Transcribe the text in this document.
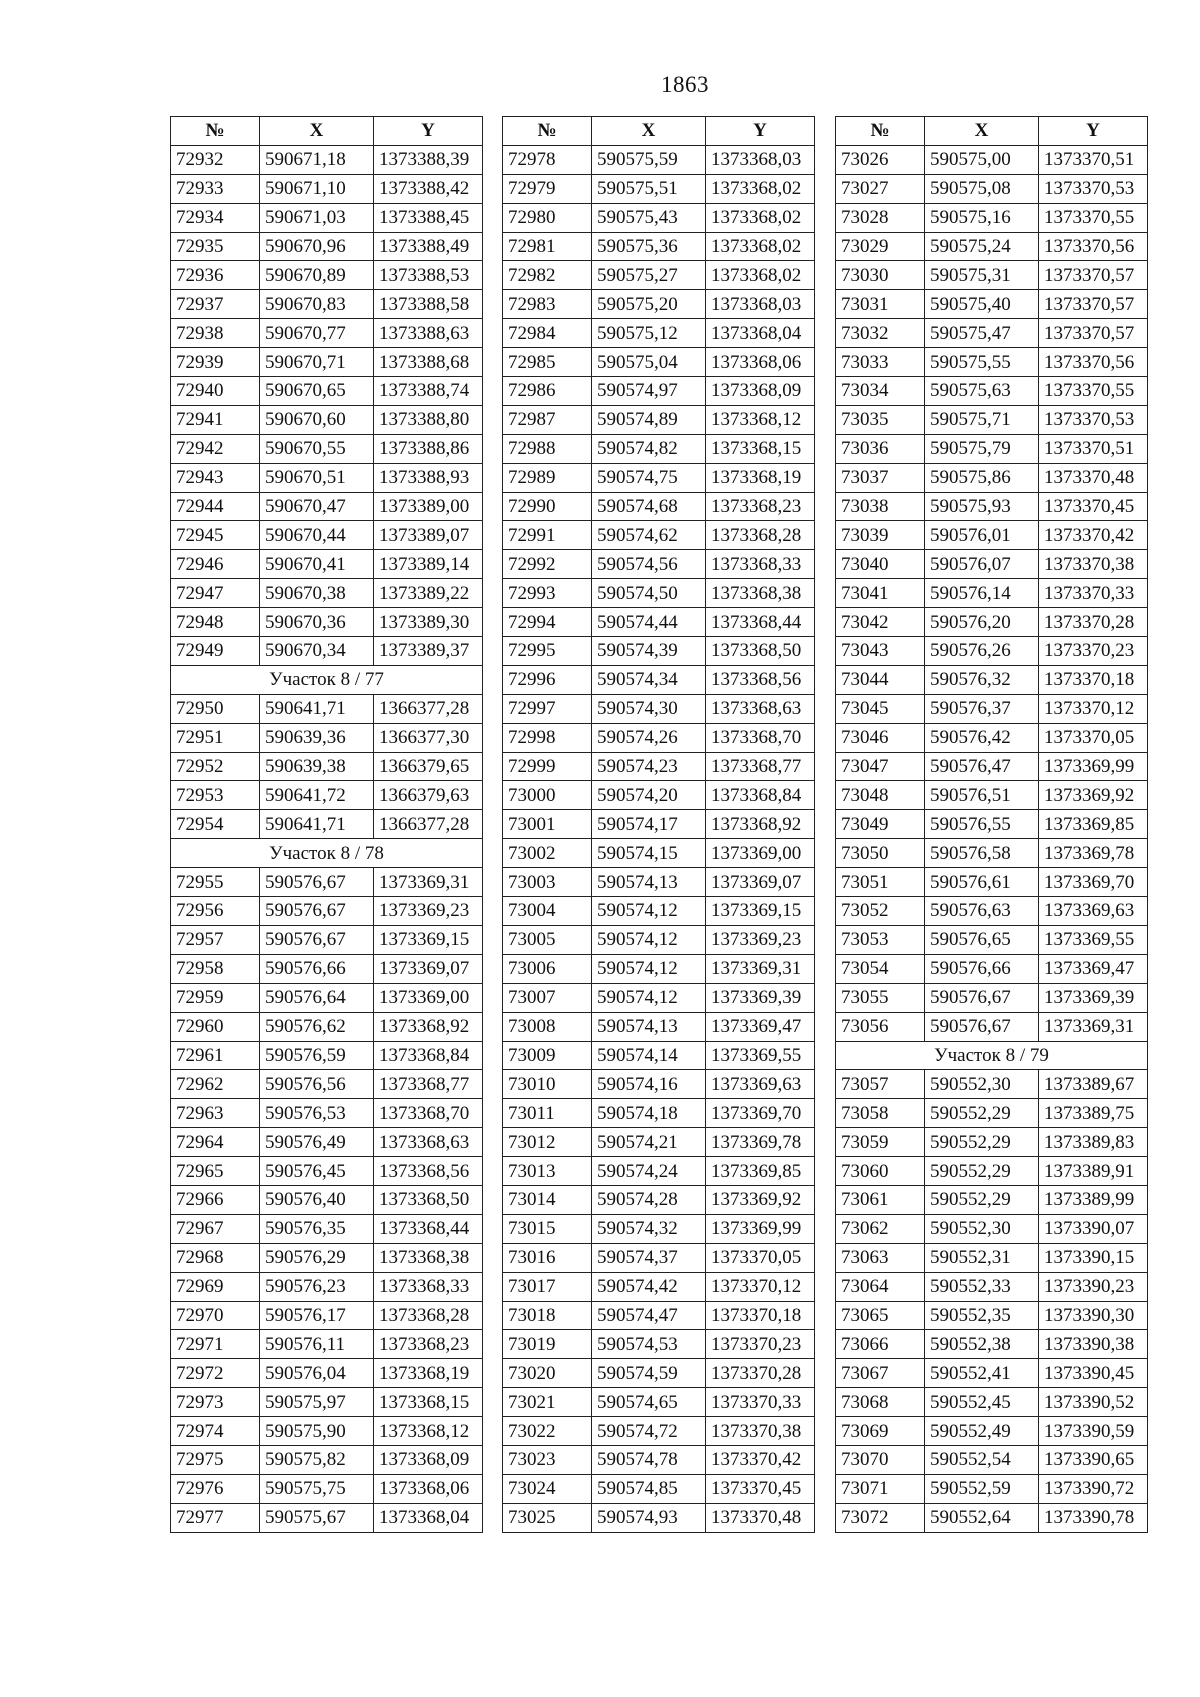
1863
№	X	Y
72932	590671,18	1373388,39
72933	590671,10	1373388,42
72934	590671,03	1373388,45
72935	590670,96	1373388,49
72936	590670,89	1373388,53
72937	590670,83	1373388,58
72938	590670,77	1373388,63
72939	590670,71	1373388,68
72940	590670,65	1373388,74
72941	590670,60	1373388,80
72942	590670,55	1373388,86
72943	590670,51	1373388,93
72944	590670,47	1373389,00
72945	590670,44	1373389,07
72946	590670,41	1373389,14
72947	590670,38	1373389,22
72948	590670,36	1373389,30
72949	590670,34	1373389,37
Участок 8 / 77		
72950	590641,71	1366377,28
72951	590639,36	1366377,30
72952	590639,38	1366379,65
72953	590641,72	1366379,63
72954	590641,71	1366377,28
Участок 8 / 78		
72955	590576,67	1373369,31
72956	590576,67	1373369,23
72957	590576,67	1373369,15
72958	590576,66	1373369,07
72959	590576,64	1373369,00
72960	590576,62	1373368,92
72961	590576,59	1373368,84
72962	590576,56	1373368,77
72963	590576,53	1373368,70
72964	590576,49	1373368,63
72965	590576,45	1373368,56
72966	590576,40	1373368,50
72967	590576,35	1373368,44
72968	590576,29	1373368,38
72969	590576,23	1373368,33
72970	590576,17	1373368,28
72971	590576,11	1373368,23
72972	590576,04	1373368,19
72973	590575,97	1373368,15
72974	590575,90	1373368,12
72975	590575,82	1373368,09
72976	590575,75	1373368,06
72977	590575,67	1373368,04
№	X	Y
72978	590575,59	1373368,03
72979	590575,51	1373368,02
72980	590575,43	1373368,02
72981	590575,36	1373368,02
72982	590575,27	1373368,02
72983	590575,20	1373368,03
72984	590575,12	1373368,04
72985	590575,04	1373368,06
72986	590574,97	1373368,09
72987	590574,89	1373368,12
72988	590574,82	1373368,15
72989	590574,75	1373368,19
72990	590574,68	1373368,23
72991	590574,62	1373368,28
72992	590574,56	1373368,33
72993	590574,50	1373368,38
72994	590574,44	1373368,44
72995	590574,39	1373368,50
72996	590574,34	1373368,56
72997	590574,30	1373368,63
72998	590574,26	1373368,70
72999	590574,23	1373368,77
73000	590574,20	1373368,84
73001	590574,17	1373368,92
73002	590574,15	1373369,00
73003	590574,13	1373369,07
73004	590574,12	1373369,15
73005	590574,12	1373369,23
73006	590574,12	1373369,31
73007	590574,12	1373369,39
73008	590574,13	1373369,47
73009	590574,14	1373369,55
73010	590574,16	1373369,63
73011	590574,18	1373369,70
73012	590574,21	1373369,78
73013	590574,24	1373369,85
73014	590574,28	1373369,92
73015	590574,32	1373369,99
73016	590574,37	1373370,05
73017	590574,42	1373370,12
73018	590574,47	1373370,18
73019	590574,53	1373370,23
73020	590574,59	1373370,28
73021	590574,65	1373370,33
73022	590574,72	1373370,38
73023	590574,78	1373370,42
73024	590574,85	1373370,45
73025	590574,93	1373370,48
№	X	Y
73026	590575,00	1373370,51
73027	590575,08	1373370,53
73028	590575,16	1373370,55
73029	590575,24	1373370,56
73030	590575,31	1373370,57
73031	590575,40	1373370,57
73032	590575,47	1373370,57
73033	590575,55	1373370,56
73034	590575,63	1373370,55
73035	590575,71	1373370,53
73036	590575,79	1373370,51
73037	590575,86	1373370,48
73038	590575,93	1373370,45
73039	590576,01	1373370,42
73040	590576,07	1373370,38
73041	590576,14	1373370,33
73042	590576,20	1373370,28
73043	590576,26	1373370,23
73044	590576,32	1373370,18
73045	590576,37	1373370,12
73046	590576,42	1373370,05
73047	590576,47	1373369,99
73048	590576,51	1373369,92
73049	590576,55	1373369,85
73050	590576,58	1373369,78
73051	590576,61	1373369,70
73052	590576,63	1373369,63
73053	590576,65	1373369,55
73054	590576,66	1373369,47
73055	590576,67	1373369,39
73056	590576,67	1373369,31
Участок 8 / 79		
73057	590552,30	1373389,67
73058	590552,29	1373389,75
73059	590552,29	1373389,83
73060	590552,29	1373389,91
73061	590552,29	1373389,99
73062	590552,30	1373390,07
73063	590552,31	1373390,15
73064	590552,33	1373390,23
73065	590552,35	1373390,30
73066	590552,38	1373390,38
73067	590552,41	1373390,45
73068	590552,45	1373390,52
73069	590552,49	1373390,59
73070	590552,54	1373390,65
73071	590552,59	1373390,72
73072	590552,64	1373390,78
